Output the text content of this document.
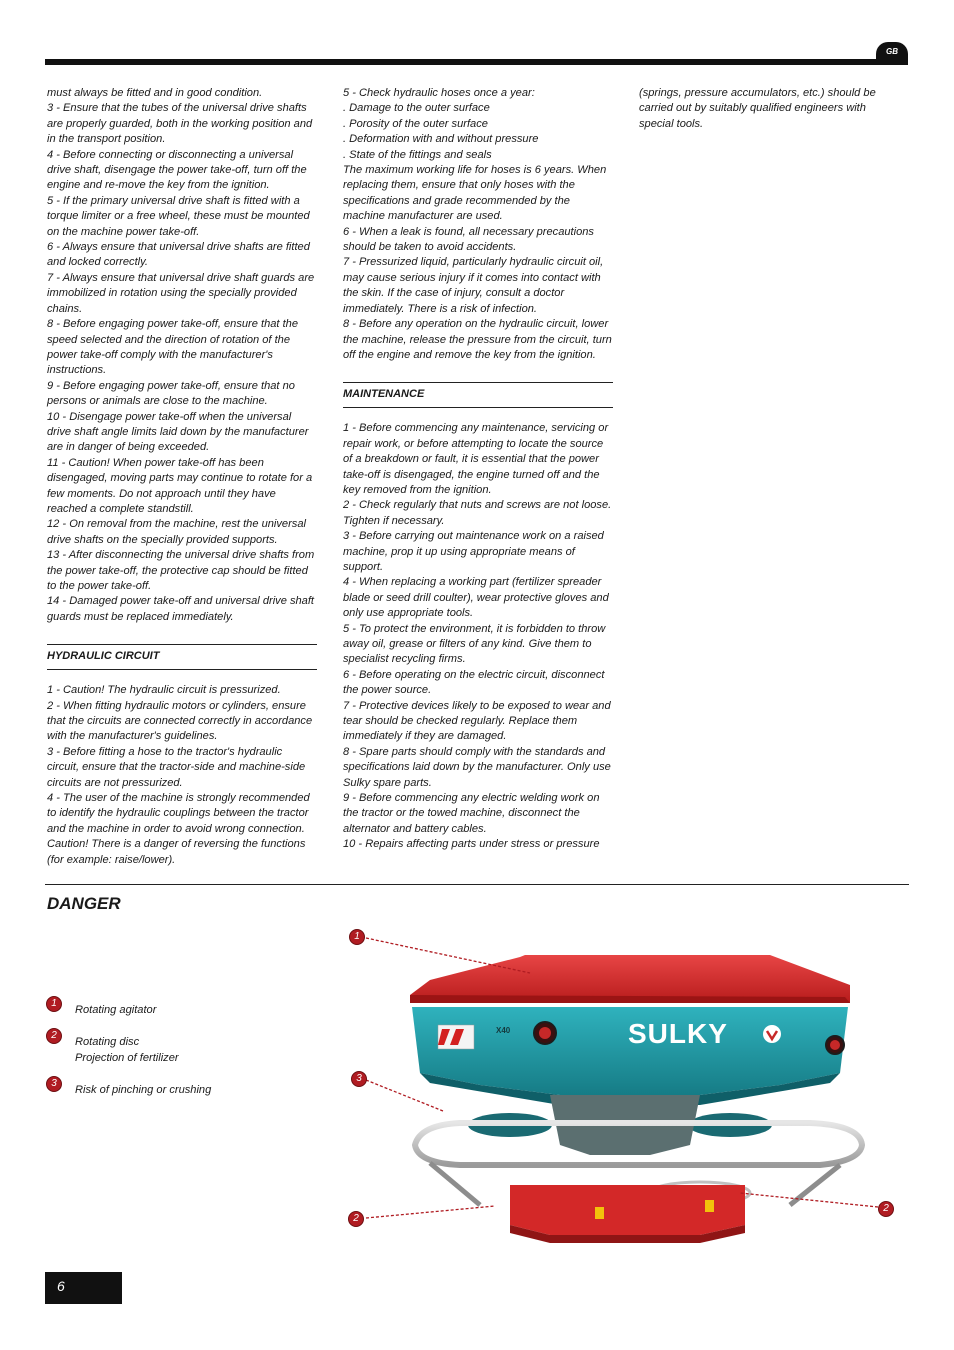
GB

must always be fitted and in good condition.

3 - Ensure that the tubes of the universal drive shafts are properly guarded, both in the working position and in the transport position.

4 - Before connecting or disconnecting a universal drive shaft, disengage the power take-off, turn off the engine and re-move the key from the ignition.

5 - If the primary universal drive shaft is fitted with a torque limiter or a free wheel, these must be mounted on the machine power take-off.

6 - Always ensure that universal drive shafts are fitted and locked correctly.

7 - Always ensure that universal drive shaft guards are immobilized in rotation using the specially provided chains.

8 - Before engaging power take-off, ensure that the speed selected and the direction of rotation of the power take-off comply with the manufacturer's instructions.

9 - Before engaging power take-off, ensure that no persons or animals are close to the machine.

10 - Disengage power take-off when the universal drive shaft angle limits laid down by the manufacturer are in danger of being exceeded.

11 - Caution! When power take-off has been disengaged, moving parts may continue to rotate for a few moments. Do not approach until they have reached a complete standstill.

12 - On removal from the machine, rest the universal drive shafts on the specially provided supports.

13 - After disconnecting the universal drive shafts from the power take-off, the protective cap should be fitted to the power take-off.

14 - Damaged power take-off and universal drive shaft guards must be replaced immediately.

HYDRAULIC CIRCUIT

1 - Caution! The hydraulic circuit is pressurized.

2 - When fitting hydraulic motors or cylinders, ensure that the circuits are connected correctly in accordance with the manufacturer's guidelines.

3 - Before fitting a hose to the tractor's hydraulic circuit, ensure that the tractor-side and machine-side circuits are not pressurized.

4 - The user of the machine is strongly recommended to identify the hydraulic couplings between the tractor and the machine in order to avoid wrong connection. Caution! There is a danger of reversing the functions (for example: raise/lower).

5 - Check hydraulic hoses once a year:

. Damage to the outer surface

. Porosity of the outer surface

. Deformation with and without pressure

. State of the fittings and seals

The maximum working life for hoses is 6 years. When replacing them, ensure that only hoses with the specifications and grade recommended by the machine manufacturer are used.

6 - When a leak is found, all necessary precautions should be taken to avoid accidents.

7 - Pressurized liquid, particularly hydraulic circuit oil, may cause serious injury if it comes into contact with the skin. If the case of injury, consult a doctor immediately. There is a risk of infection.

8 - Before any operation on the hydraulic circuit, lower the machine, release the pressure from the circuit, turn off the engine and remove the key from the ignition.

MAINTENANCE

1 - Before commencing any maintenance, servicing or repair work, or before attempting to locate the source of a breakdown or fault, it is essential that the power take-off is disengaged, the engine turned off and the key removed from the ignition.

2 - Check regularly that nuts and screws are not loose. Tighten if necessary.

3 - Before carrying out maintenance work on a raised machine, prop it up using appropriate means of support.

4 - When replacing a working part (fertilizer spreader blade or seed drill coulter), wear protective gloves and only use appropriate tools.

5 - To protect the environment, it is forbidden to throw away oil, grease or filters of any kind. Give them to specialist recycling firms.

6 - Before operating on the electric circuit, disconnect the power source.

7 - Protective devices likely to be exposed to wear and tear should be checked regularly. Replace them immediately if they are damaged.

8 - Spare parts should comply with the standards and specifications laid down by the manufacturer. Only use Sulky spare parts.

9 - Before commencing any electric welding work on the tractor or the towed machine, disconnect the alternator and battery cables.

10 - Repairs affecting parts under stress or pressure

(springs, pressure accumulators, etc.) should be carried out by suitably qualified engineers with special tools.

DANGER
1
Rotating agitator
2
Rotating disc
Projection of fertilizer
3
Risk of pinching or crushing
X40	SULKY
1
3
2
2
6
